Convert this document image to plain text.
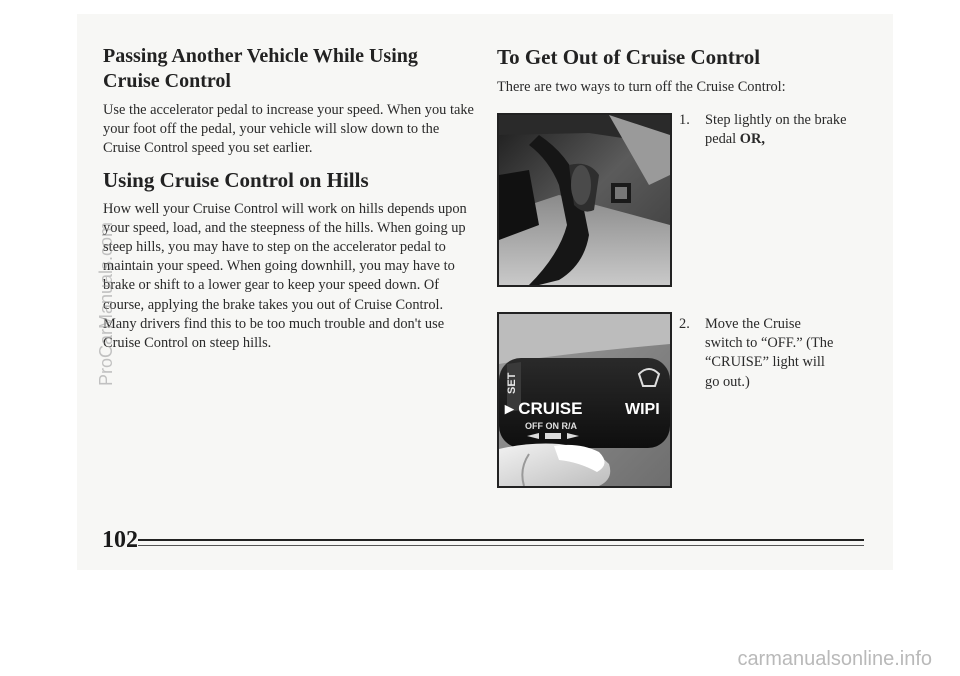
Passing Another Vehicle While Using Cruise Control

Use the accelerator pedal to increase your speed. When you take your foot off the pedal, your vehicle will slow down to the Cruise Control speed you set earlier.

Using Cruise Control on Hills

How well your Cruise Control will work on hills depends upon your speed, load, and the steepness of the hills. When going up steep hills, you may have to step on the accelerator pedal to maintain your speed. When going downhill, you may have to brake or shift to a lower gear to keep your speed down. Of course, applying the brake takes you out of Cruise Control. Many drivers find this to be too much trouble and don't use Cruise Control on steep hills.

To Get Out of Cruise Control

There are two ways to turn off the Cruise Control:

1. Step lightly on the brake pedal OR,
SET
▸ CRUISE	WIPI
OFF ON R/A
2. Move the Cruise
switch to “OFF.” (The
“CRUISE” light will
go out.)
102
ProCarManuals.com
carmanualsonline.info
